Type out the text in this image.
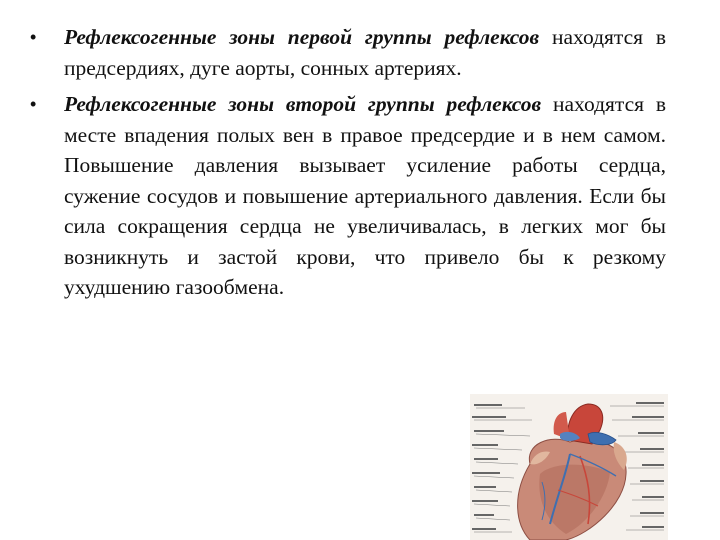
• Рефлексогенные зоны первой группы рефлексов находятся в предсердиях, дуге аорты, сонных артериях.
• Рефлексогенные зоны второй группы рефлексов находятся в месте впадения полых вен в правое предсердие и в нем самом. Повышение давления вызывает усиление работы сердца, сужение сосудов и повышение артериального давления. Если бы сила сокращения сердца не увеличивалась, в легких мог бы возникнуть и застой крови, что привело бы к резкому ухудшению газообмена.
